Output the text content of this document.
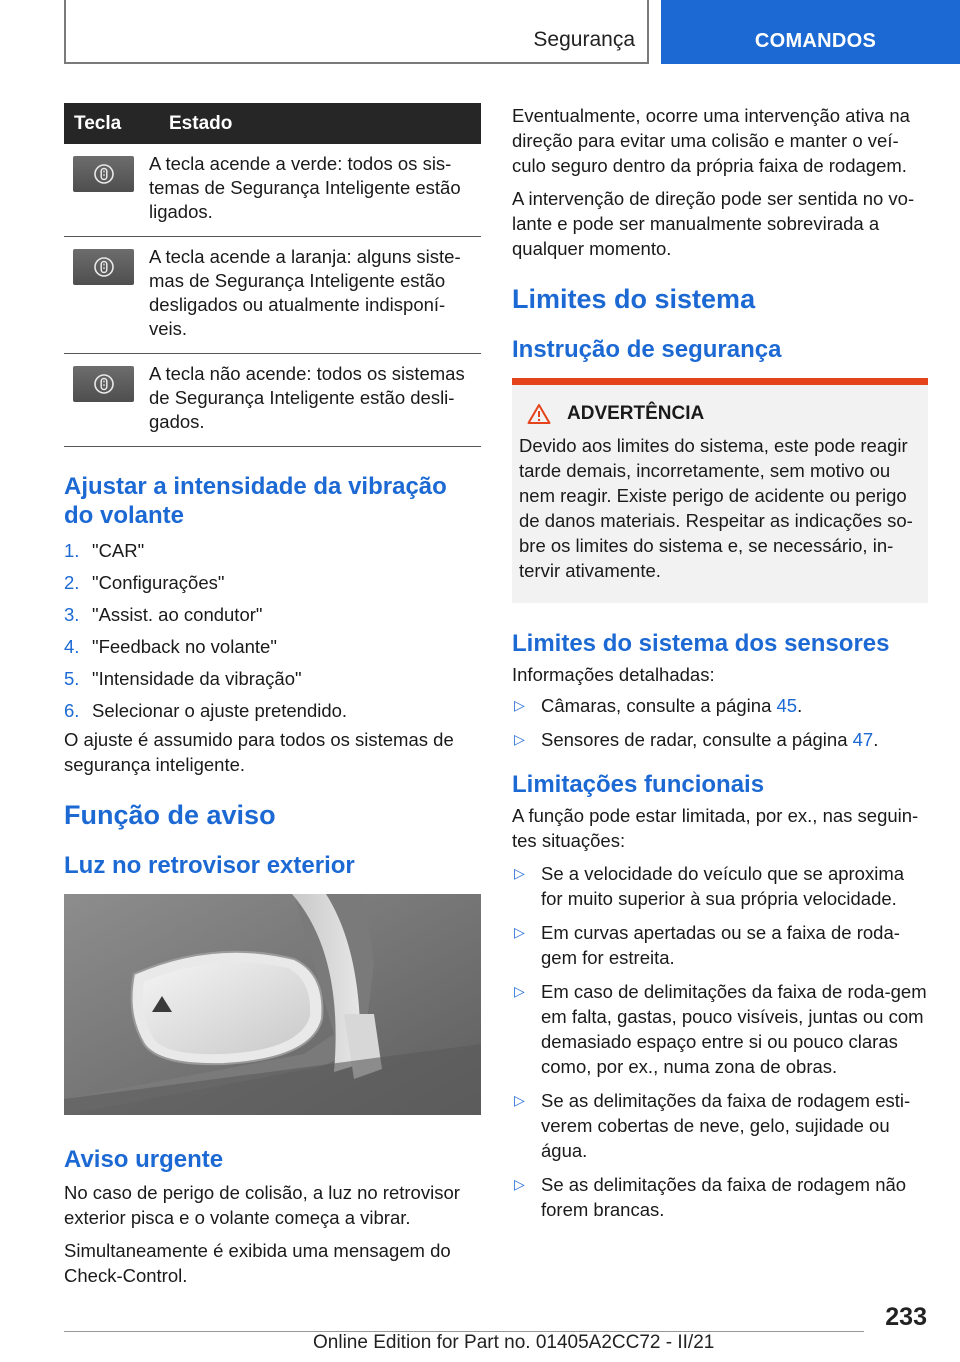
Segurança	COMANDOS
Tecla	Estado

	A tecla acende a verde: todos os sis-temas de Segurança Inteligente estão ligados.

	A tecla acende a laranja: alguns siste-mas de Segurança Inteligente estão desligados ou atualmente indisponí-veis.

	A tecla não acende: todos os sistemas de Segurança Inteligente estão desli-gados.
Ajustar a intensidade da vibração do volante
1. "CAR"
2. "Configurações"
3. "Assist. ao condutor"
4. "Feedback no volante"
5. "Intensidade da vibração"
6. Selecionar o ajuste pretendido.

O ajuste é assumido para todos os sistemas de segurança inteligente.

Função de aviso
Luz no retrovisor exterior
Aviso urgente

No caso de perigo de colisão, a luz no retrovisor exterior pisca e o volante começa a vibrar.

Simultaneamente é exibida uma mensagem do Check-Control.

Eventualmente, ocorre uma intervenção ativa na direção para evitar uma colisão e manter o veí-culo seguro dentro da própria faixa de rodagem.

A intervenção de direção pode ser sentida no vo-lante e pode ser manualmente sobrevirada a qualquer momento.

Limites do sistema
Instrução de segurança
ADVERTÊNCIA

Devido aos limites do sistema, este pode reagir tarde demais, incorretamente, sem motivo ou nem reagir. Existe perigo de acidente ou perigo de danos materiais. Respeitar as indicações so-bre os limites do sistema e, se necessário, in-tervir ativamente.

Limites do sistema dos sensores

Informações detalhadas:

▷ Câmaras, consulte a página 45.
▷ Sensores de radar, consulte a página 47.
Limitações funcionais

A função pode estar limitada, por ex., nas seguin-tes situações:

▷ Se a velocidade do veículo que se aproxima for muito superior à sua própria velocidade.
▷ Em curvas apertadas ou se a faixa de roda-gem for estreita.
▷ Em caso de delimitações da faixa de roda-gem em falta, gastas, pouco visíveis, juntas ou com demasiado espaço entre si ou pouco claras como, por ex., numa zona de obras.
▷ Se as delimitações da faixa de rodagem esti-verem cobertas de neve, gelo, sujidade ou água.
▷ Se as delimitações da faixa de rodagem não forem brancas.
233
Online Edition for Part no. 01405A2CC72 - II/21
